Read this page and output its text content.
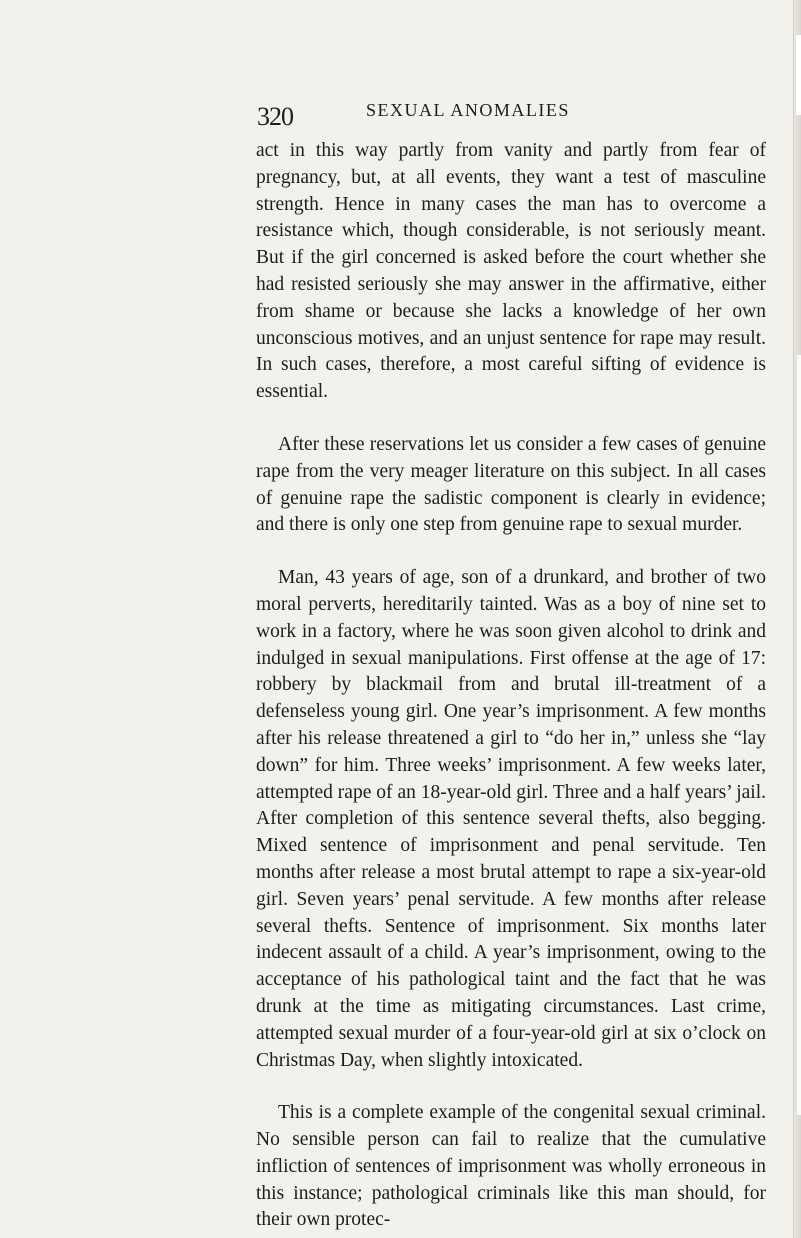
320	SEXUAL ANOMALIES

act in this way partly from vanity and partly from fear of pregnancy, but, at all events, they want a test of masculine strength. Hence in many cases the man has to overcome a resistance which, though considerable, is not seriously meant. But if the girl concerned is asked before the court whether she had resisted seriously she may answer in the affirmative, either from shame or because she lacks a knowledge of her own unconscious motives, and an unjust sentence for rape may result. In such cases, therefore, a most careful sifting of evidence is essential.

After these reservations let us consider a few cases of genuine rape from the very meager literature on this subject. In all cases of genuine rape the sadistic component is clearly in evidence; and there is only one step from genuine rape to sexual murder.

Man, 43 years of age, son of a drunkard, and brother of two moral perverts, hereditarily tainted. Was as a boy of nine set to work in a factory, where he was soon given alcohol to drink and indulged in sexual manipulations. First offense at the age of 17: robbery by blackmail from and brutal ill-treatment of a defenseless young girl. One year’s imprisonment. A few months after his release threatened a girl to “do her in,” unless she “lay down” for him. Three weeks’ imprisonment. A few weeks later, attempted rape of an 18-year-old girl. Three and a half years’ jail. After completion of this sentence several thefts, also begging. Mixed sentence of imprisonment and penal servitude. Ten months after release a most brutal attempt to rape a six-year-old girl. Seven years’ penal servitude. A few months after release several thefts. Sentence of imprisonment. Six months later indecent assault of a child. A year’s imprisonment, owing to the acceptance of his pathological taint and the fact that he was drunk at the time as mitigating circumstances. Last crime, attempted sexual murder of a four-year-old girl at six o’clock on Christmas Day, when slightly intoxicated.

This is a complete example of the congenital sexual criminal. No sensible person can fail to realize that the cumulative infliction of sentences of imprisonment was wholly erroneous in this instance; pathological criminals like this man should, for their own protec-
